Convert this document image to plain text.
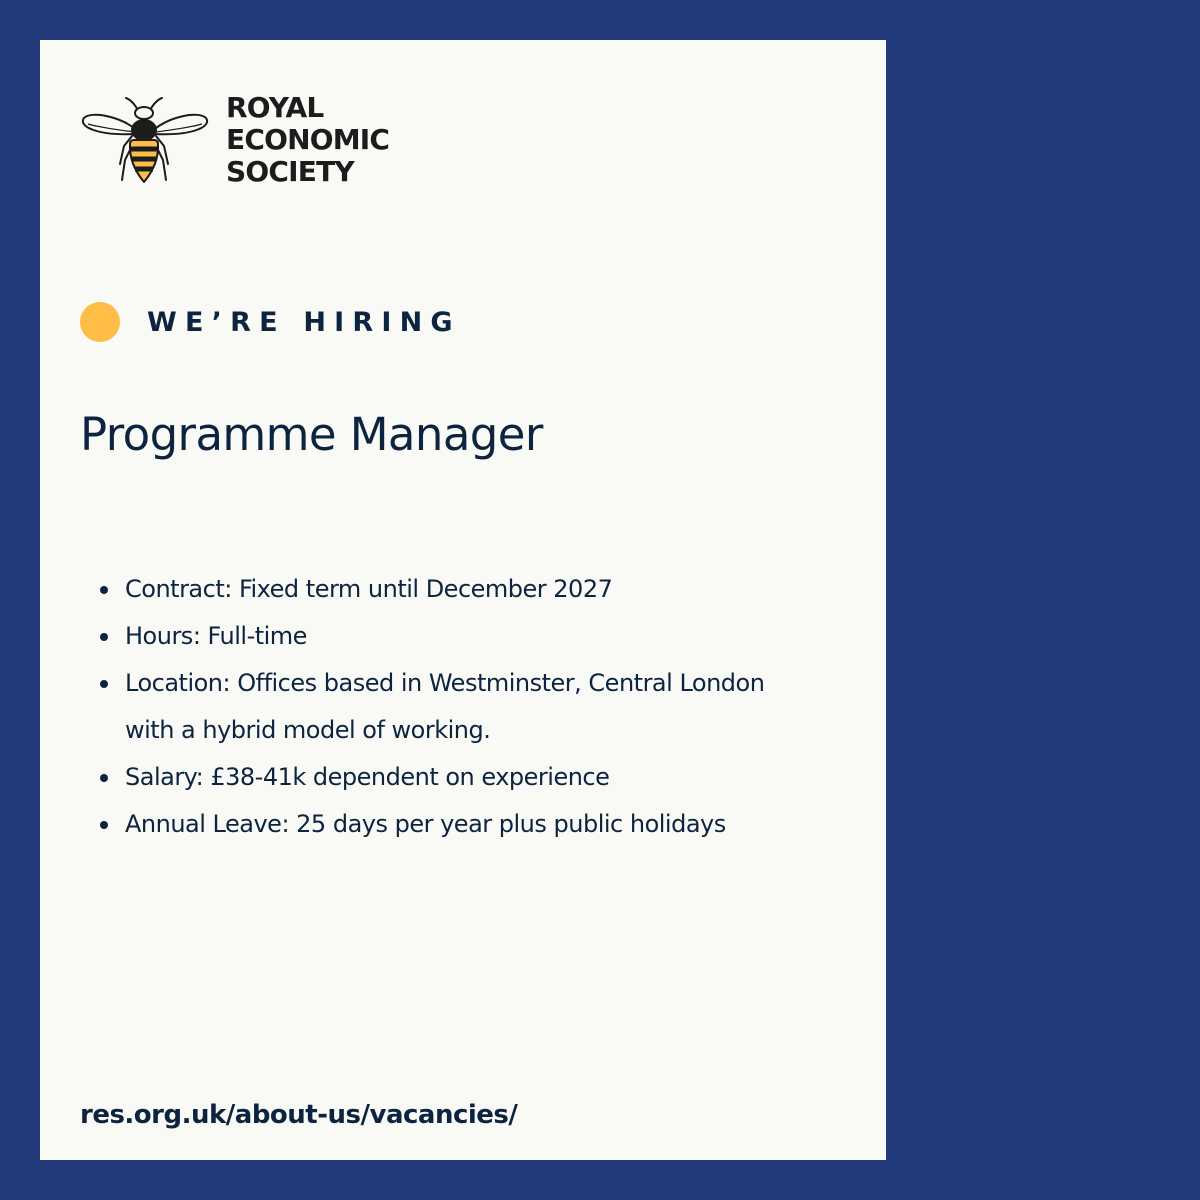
ROYAL
ECONOMIC
SOCIETY
WE’RE HIRING
Programme Manager
Contract: Fixed term until December 2027
Hours: Full-time
Location: Offices based in Westminster, Central London with a hybrid model of working.
Salary: £38-41k dependent on experience
Annual Leave: 25 days per year plus public holidays
res.org.uk/about-us/vacancies/
